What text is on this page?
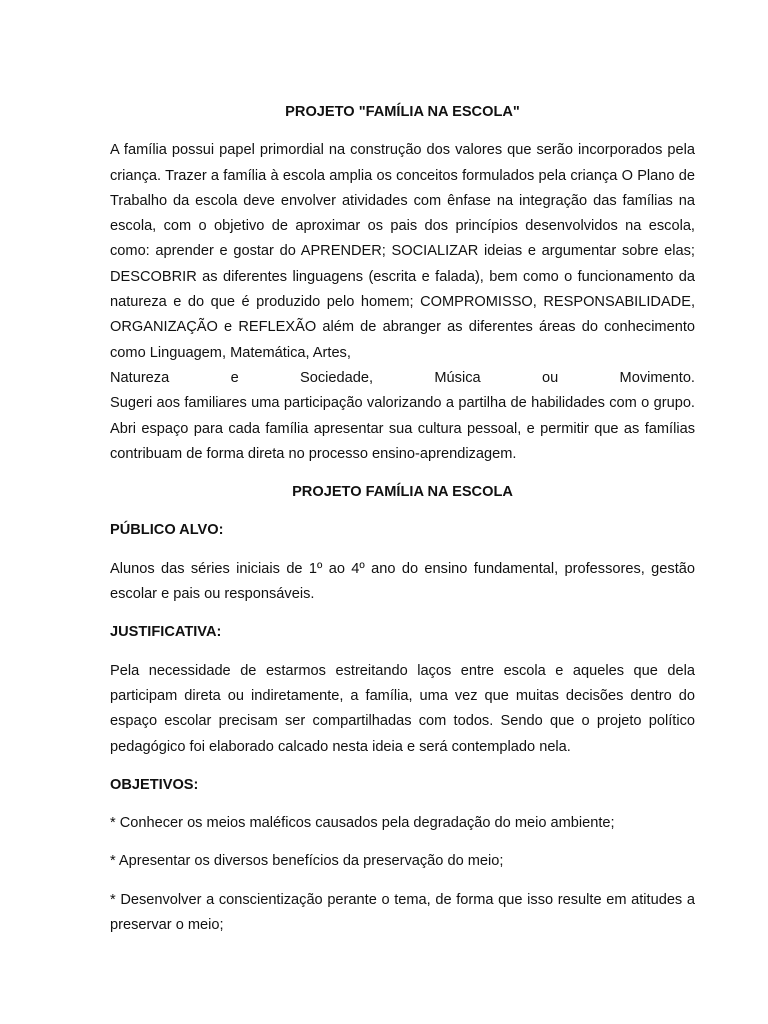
PROJETO "FAMÍLIA NA ESCOLA"

A família possui papel primordial na construção dos valores que serão incorporados pela criança. Trazer a família à escola amplia os conceitos formulados pela criança O Plano de Trabalho da escola deve envolver atividades com ênfase na integração das famílias na escola, com o objetivo de aproximar os pais dos princípios desenvolvidos na escola, como: aprender e gostar do APRENDER; SOCIALIZAR ideias e argumentar sobre elas; DESCOBRIR as diferentes linguagens (escrita e falada), bem como o funcionamento da natureza e do que é produzido pelo homem; COMPROMISSO, RESPONSABILIDADE, ORGANIZAÇÃO e REFLEXÃO além de abranger as diferentes áreas do conhecimento como Linguagem, Matemática, Artes,
Natureza e Sociedade, Música ou Movimento.

Sugeri aos familiares uma participação valorizando a partilha de habilidades com o grupo. Abri espaço para cada família apresentar sua cultura pessoal, e permitir que as famílias contribuam de forma direta no processo ensino-aprendizagem.

PROJETO FAMÍLIA NA ESCOLA

PÚBLICO ALVO:

Alunos das séries iniciais de 1º ao 4º ano do ensino fundamental, professores, gestão escolar e pais ou responsáveis.

JUSTIFICATIVA:

Pela necessidade de estarmos estreitando laços entre escola e aqueles que dela participam direta ou indiretamente, a família, uma vez que muitas decisões dentro do espaço escolar precisam ser compartilhadas com todos. Sendo que o projeto político pedagógico foi elaborado calcado nesta ideia e será contemplado nela.

OBJETIVOS:

* Conhecer os meios maléficos causados pela degradação do meio ambiente;

* Apresentar os diversos benefícios da preservação do meio;

* Desenvolver a conscientização perante o tema, de forma que isso resulte em atitudes a preservar o meio;
